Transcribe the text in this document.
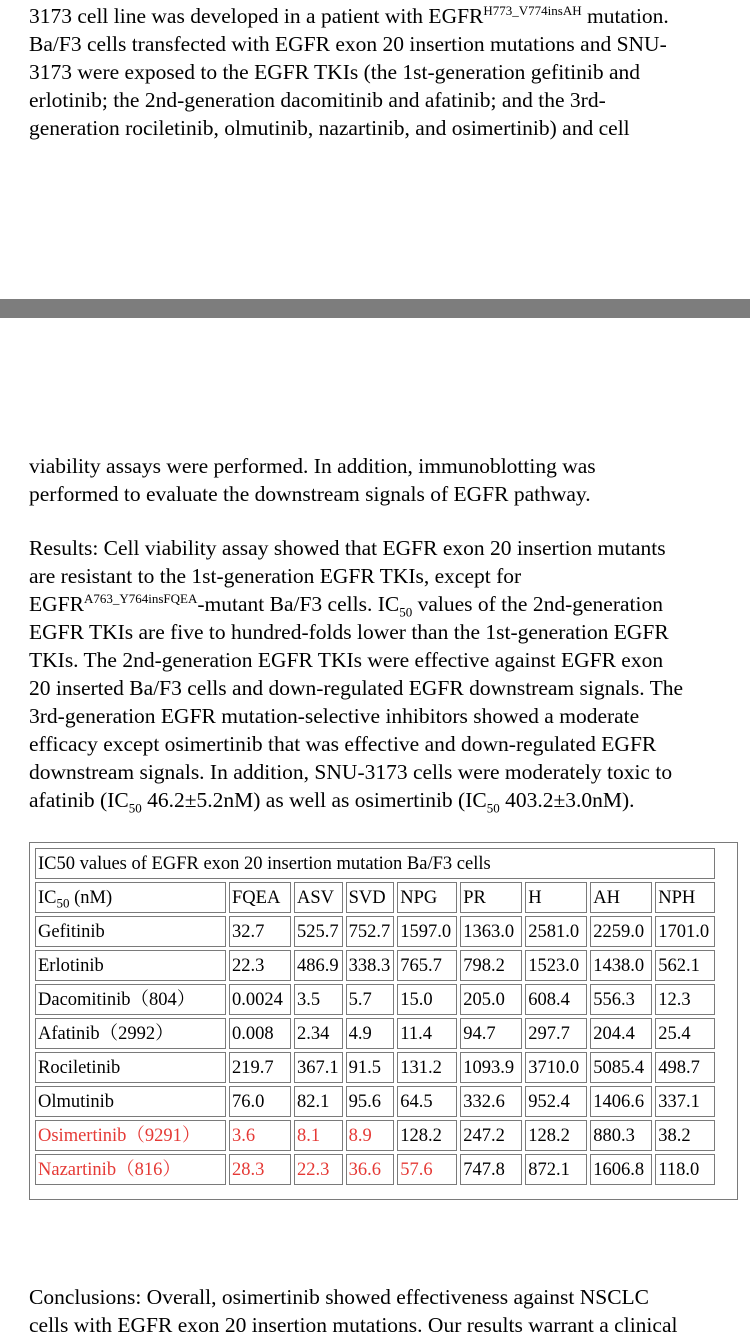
3173 cell line was developed in a patient with $EGFR^{H773\_V774insAH}$ mutation.
Ba/F3 cells transfected with EGFR exon 20 insertion mutations and SNU-
3173 were exposed to the EGFR TKIs (the 1st-generation gefitinib and
erlotinib; the 2nd-generation dacomitinib and afatinib; and the 3rd-
generation rociletinib, olmutinib, nazartinib, and osimertinib) and cell
viability assays were performed. In addition, immunoblotting was
performed to evaluate the downstream signals of EGFR pathway.
Results: Cell viability assay showed that EGFR exon 20 insertion mutants
are resistant to the 1st-generation EGFR TKIs, except for
$EGFR^{A763\_Y764insFQEA}$-mutant Ba/F3 cells. $IC_{50}$ values of the 2nd-generation
EGFR TKIs are five to hundred-folds lower than the 1st-generation EGFR
TKIs. The 2nd-generation EGFR TKIs were effective against EGFR exon
20 inserted Ba/F3 cells and down-regulated EGFR downstream signals. The
3rd-generation EGFR mutation-selective inhibitors showed a moderate
efficacy except osimertinib that was effective and down-regulated EGFR
downstream signals. In addition, SNU-3173 cells were moderately toxic to
afatinib ($IC_{50}$ 46.2±5.2nM) as well as osimertinib ($IC_{50}$ 403.2±3.0nM).
IC50 values of EGFR exon 20 insertion mutation Ba/F3 cells								
$IC_{50}$ (nM)	FQEA	ASV	SVD	NPG	PR	H	AH	NPH
Gefitinib	32.7	525.7	752.7	1597.0	1363.0	2581.0	2259.0	1701.0
Erlotinib	22.3	486.9	338.3	765.7	798.2	1523.0	1438.0	562.1
Dacomitinib（804）	0.0024	3.5	5.7	15.0	205.0	608.4	556.3	12.3
Afatinib（2992）	0.008	2.34	4.9	11.4	94.7	297.7	204.4	25.4
Rociletinib	219.7	367.1	91.5	131.2	1093.9	3710.0	5085.4	498.7
Olmutinib	76.0	82.1	95.6	64.5	332.6	952.4	1406.6	337.1
Osimertinib（9291）	3.6	8.1	8.9	128.2	247.2	128.2	880.3	38.2
Nazartinib（816）	28.3	22.3	36.6	57.6	747.8	872.1	1606.8	118.0
Conclusions: Overall, osimertinib showed effectiveness against NSCLC
cells with EGFR exon 20 insertion mutations. Our results warrant a clinical
